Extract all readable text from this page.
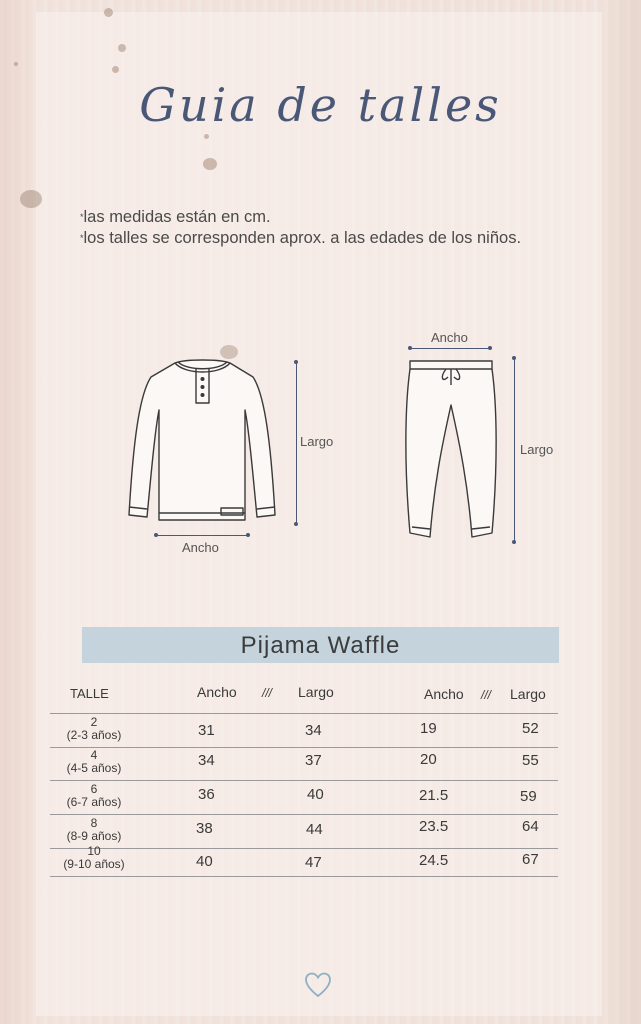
Guia de talles
*las medidas están en cm.
*los talles se corresponden aprox. a las edades de los niños.
Largo
Ancho
Ancho
Largo
Pijama Waffle
TALLE	Ancho /// Largo	Ancho /// Largo
2
(2-3 años)	31	34	19	52
4
(4-5 años)	34	37	20	55
6
(6-7 años)	36	40	21.5	59
8
(8-9 años)	38	44	23.5	64
10
(9-10 años)	40	47	24.5	67
